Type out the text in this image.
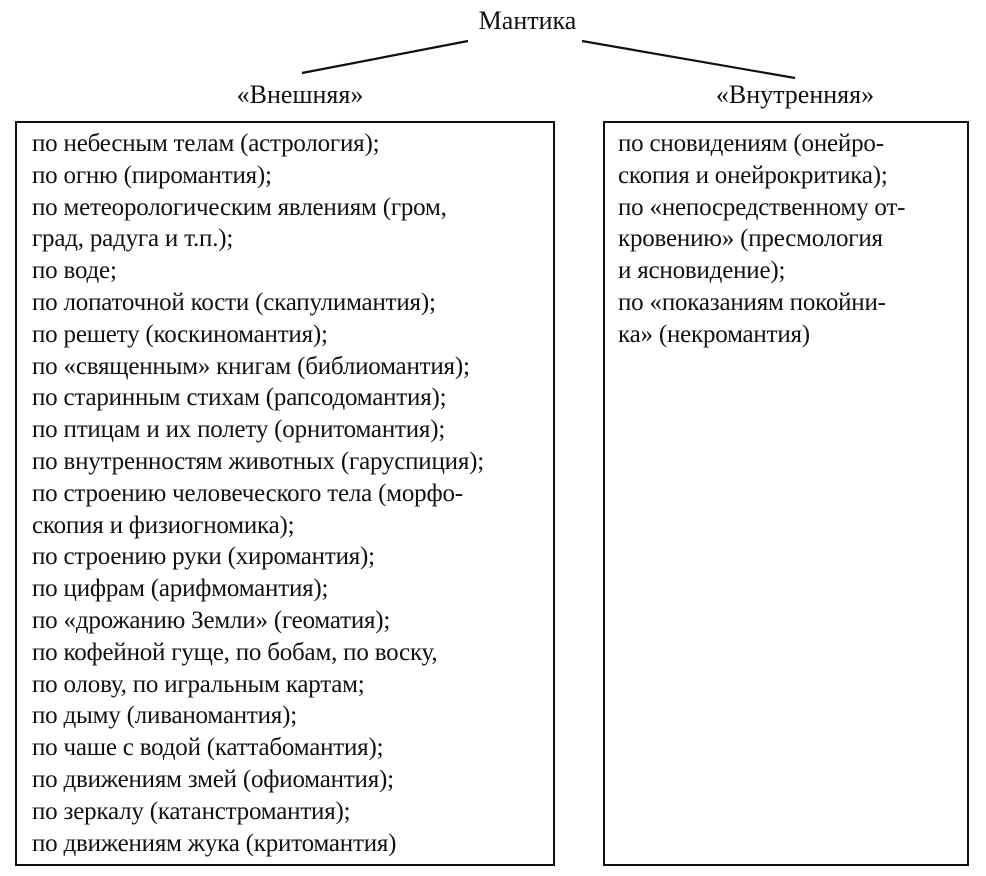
Мантика
«Внешняя»	«Внутренняя»
по небесным телам (астрология);
по огню (пиромантия);
по метеорологическим явлениям (гром,
град, радуга и т.п.);
по воде;
по лопаточной кости (скапулимантия);
по решету (коскиномантия);
по «священным» книгам (библиомантия);
по старинным стихам (рапсодомантия);
по птицам и их полету (орнитомантия);
по внутренностям животных (гаруспиция);
по строению человеческого тела (морфо-
скопия и физиогномика);
по строению руки (хиромантия);
по цифрам (арифмомантия);
по «дрожанию Земли» (геоматия);
по кофейной гуще, по бобам, по воску,
по олову, по игральным картам;
по дыму (ливаномантия);
по чаше с водой (каттабомантия);
по движениям змей (офиомантия);
по зеркалу (катанстромантия);
по движениям жука (критомантия)
по сновидениям (онейро-
скопия и онейрокритика);
по «непосредственному от-
кровению» (пресмология
и ясновидение);
по «показаниям покойни-
ка» (некромантия)
